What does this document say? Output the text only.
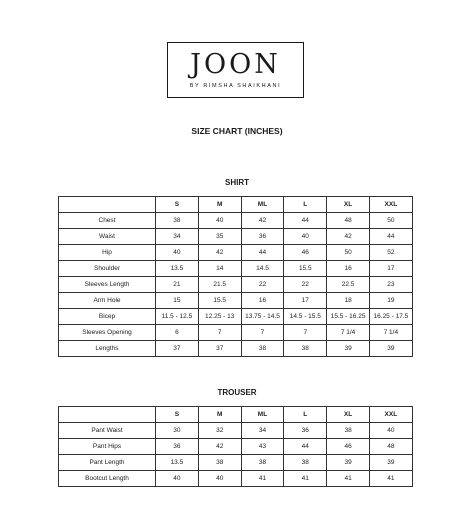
JOON
BY RIMSHA SHAIKHANI
SIZE CHART (INCHES)
SHIRT
	S	M	ML	L	XL	XXL
Chest	38	40	42	44	48	50
Waist	34	35	36	40	42	44
Hip	40	42	44	46	50	52
Shoulder	13.5	14	14.5	15.5	16	17
Sleeves Length	21	21.5	22	22	22.5	23
Arm Hole	15	15.5	16	17	18	19
Bicep	11.5 - 12.5	12.25 - 13	13.75 - 14.5	14.5 - 15.5	15.5 - 16.25	16.25 - 17.5
Sleeves Opening	6	7	7	7	7 1/4	7 1/4
Lengths	37	37	38	38	39	39
TROUSER
	S	M	ML	L	XL	XXL
Pant Waist	30	32	34	36	38	40
Pant Hips	36	42	43	44	46	48
Pant Length	13.5	38	38	38	39	39
Bootcut Length	40	40	41	41	41	41
